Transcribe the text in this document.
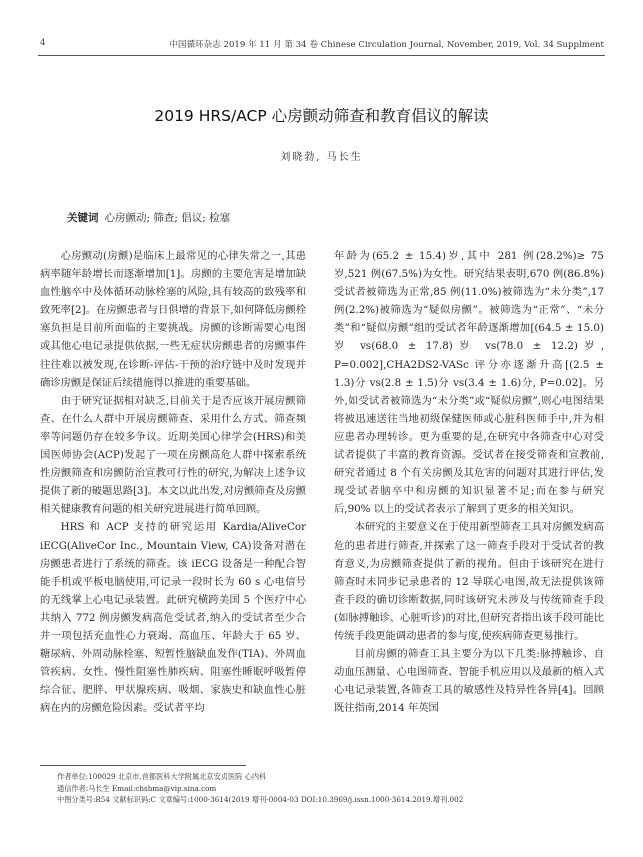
4	中国循环杂志 2019 年 11 月 第 34 卷 Chinese Circulation Journal, November, 2019, Vol. 34 Supplment
2019 HRS/ACP 心房颤动筛查和教育倡议的解读
刘晓勃, 马长生
关键词 心房颤动; 筛查; 倡议; 检塞

心房颤动(房颤)是临床上最常见的心律失常之一,其患病率随年龄增长而逐渐增加[1]。房颤的主要危害是增加缺血性脑卒中及体循环动脉栓塞的风险,具有较高的致残率和致死率[2]。在房颤患者与日俱增的背景下,如何降低房颤栓塞负担是目前所面临的主要挑战。房颤的诊断需要心电图或其他心电记录提供依据,一些无症状房颤患者的房颤事件往往难以被发现,在诊断-评估-干预的治疗链中及时发现并确诊房颤是保证后续措施得以推进的重要基础。

由于研究证据相对缺乏,目前关于是否应该开展房颤筛查、在什么人群中开展房颤筛查、采用什么方式、筛查频率等问题仍存在较多争议。近期美国心律学会(HRS)和美国医师协会(ACP)发起了一项在房颤高危人群中探索系统性房颤筛查和房颤防治宣教可行性的研究,为解决上述争议提供了新的破题思路[3]。本文以此出发,对房颤筛查及房颤相关健康教育问题的相关研究进展进行简单回顾。

HRS 和 ACP 支持的研究运用 Kardia/AliveCor iECG(AliveCor Inc., Mountain View, CA)设备对潜在房颤患者进行了系统的筛查。该 iECG 设备是一种配合智能手机或平板电脑使用,可记录一段时长为 60 s 心电信号的无线掌上心电记录装置。此研究横跨美国 5 个医疗中心共纳入 772 例房颤发病高危受试者,纳入的受试者至少合并一项包括充血性心力衰竭、高血压、年龄大于 65 岁、糖尿病、外周动脉栓塞、短暂性脑缺血发作(TIA)、外周血管疾病、女性、慢性阻塞性肺疾病、阻塞性睡眠呼吸暂停综合征、肥胖、甲状腺疾病、吸烟、家族史和缺血性心脏病在内的房颤危险因素。受试者平均

年龄为(65.2 ± 15.4)岁,其中 281 例(28.2%)≥ 75 岁,521 例(67.5%)为女性。研究结果表明,670 例(86.8%)受试者被筛选为正常,85 例(11.0%)被筛选为“未分类”,17 例(2.2%)被筛选为“疑似房颤”。被筛选为“正常”、“未分类”和“疑似房颤”组的受试者年龄逐渐增加[(64.5 ± 15.0)岁 vs(68.0 ± 17.8)岁 vs(78.0 ± 12.2)岁, P=0.002],CHA2DS2-VASc 评分亦逐渐升高[(2.5 ± 1.3)分 vs(2.8 ± 1.5)分 vs(3.4 ± 1.6)分, P=0.02]。另外,如受试者被筛选为“未分类”或“疑似房颤”,则心电图结果将被迅速送往当地初级保健医师或心脏科医师手中,并为相应患者办理转诊。更为重要的是,在研究中各筛查中心对受试者提供了丰富的教育资源。受试者在接受筛查和宣教前,研究者通过 8 个有关房颤及其危害的问题对其进行评估,发现受试者脑卒中和房颤的知识显著不足;而在参与研究后,90% 以上的受试者表示了解到了更多的相关知识。

本研究的主要意义在于使用新型筛查工具对房颤发病高危的患者进行筛查,并探索了这一筛查手段对于受试者的教育意义,为房颤筛查提供了新的视角。但由于该研究在进行筛查时未同步记录患者的 12 导联心电图,故无法提供该筛查手段的确切诊断数据,同时该研究未涉及与传统筛查手段(如脉搏触诊、心脏听诊)的对比,但研究者指出该手段可能比传统手段更能调动患者的参与度,使疾病筛查更易推行。

目前房颤的筛查工具主要分为以下几类:脉搏触诊、自动血压测量、心电图筛查、智能手机应用以及最新的植入式心电记录装置,各筛查工具的敏感性及特异性各异[4]。回顾既往指南,2014 年英国

作者单位:100029 北京市,首都医科大学附属北京安贞医院 心内科
通信作者:马长生 Email:chshma@vip.sina.com
中图分类号:R54 文献标识码:C 文章编号:1000-3614(2019 增刊-0004-03 DOI:10.3969/j.issn.1000-3614.2019.增刊.002
